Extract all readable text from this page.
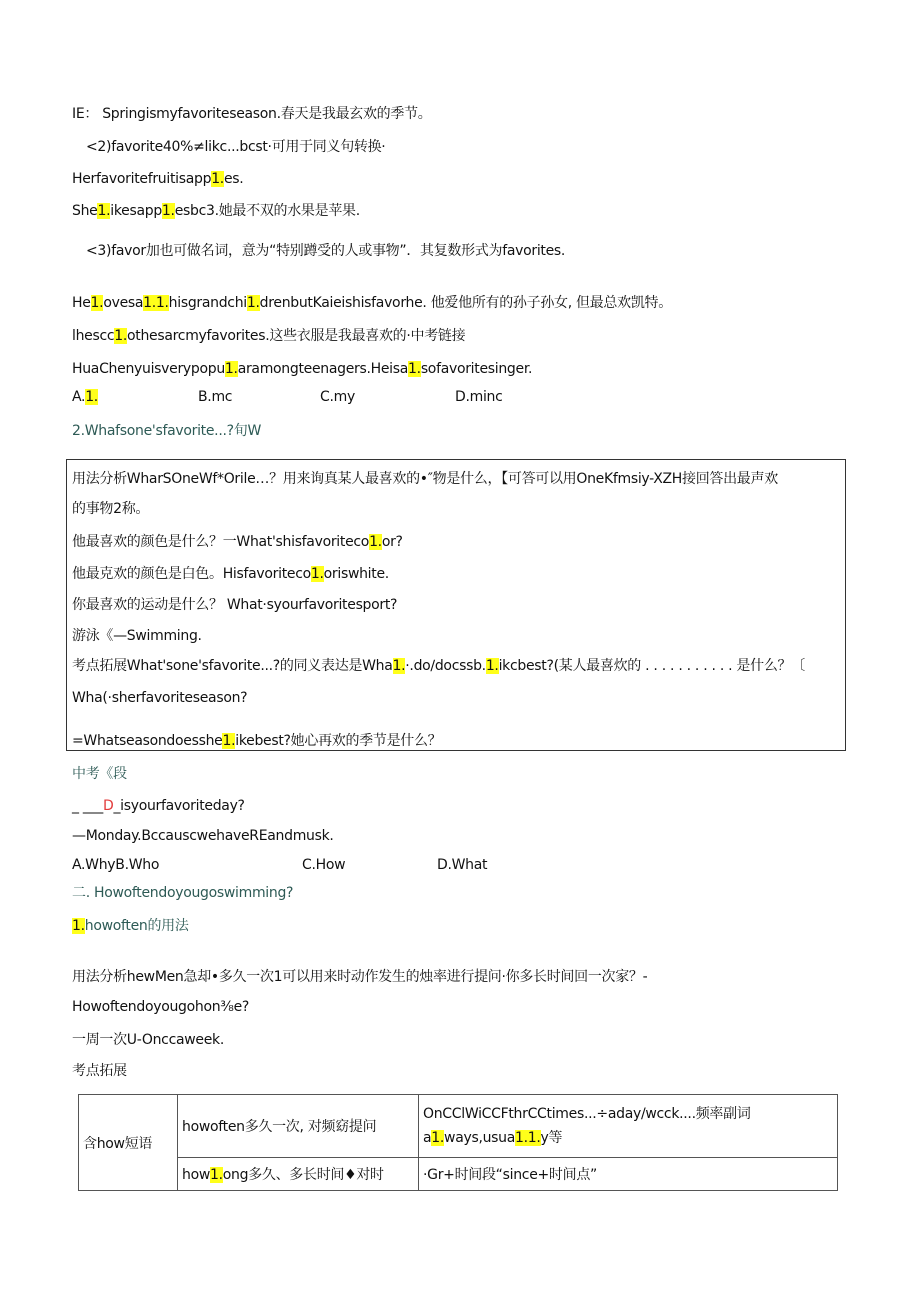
IE： Springismyfavoriteseason.春天是我最玄欢的季节。
<2)favorite40%≠likc...bcst·可用于同义句转换·
Herfavoritefruitisapp1.es.
She1.ikesapp1.esbc3.她最不双的水果是苹果.
<3)favor加也可做名词，意为“特别蹲受的人或事物”．其复数形式为favorites.
He1.ovesa1.1.hisgrandchi1.drenbutKaieishisfavorhe. 他爱他所有的孙子孙女, 但最总欢凯特。
lhescc1.othesarcmyfavorites.这些衣服是我最喜欢的·中考链接
HuaChenyuisverypopu1.aramongteenagers.Heisa1.sofavoritesinger.
A.1.	B.mc	C.my	D.minc
2.Whafsone'sfavorite...?旬W
用法分析WharSOneWf*Orile…？用来询真某人最喜欢的•″物是什么，【可答可以用OneKfmsiy-XZH接回答出最声欢
的事物2称。
他最喜欢的颜色是什么？一What'shisfavoriteco1.or?
他最克欢的颜色是白色。Hisfavoriteco1.oriswhite.
你最喜欢的运动是什么？ What·syourfavoritesport?
游泳《—Swimming.
考点拓展What'sone'sfavorite...?的同义表达是Wha1.·.do∕docssb.1.ikcbest?(某人最喜炊的 . . . . . . . . . . . 是什么？〔
Wha(·sherfavoriteseason?
=Whatseasondoesshe1.ikebest?她心再欢的季节是什么？
中考《段
_ ___D_isyourfavoriteday?
—Monday.BccauscwehaveREandmusk.
A.WhyB.Who	C.How	D.What
二. Howoftendoyougoswimming?
1.howoften的用法
用法分析hewMen急却•多久一次1可以用来时动作发生的烛率进行提问·你多长时间回一次家？-
Howoftendoyougohon⅜e?
一周一次U-Onccaweek.
考点拓展
含how短语	howoften多久一次, 对频窈提问	OnCClWiCCFthrCCtimes...÷aday/wcck....频率副词
a1.ways,usua1.1.y等

	how1.ong多久、多长时间♦对时	·Gr+时间段“since+时间点”
